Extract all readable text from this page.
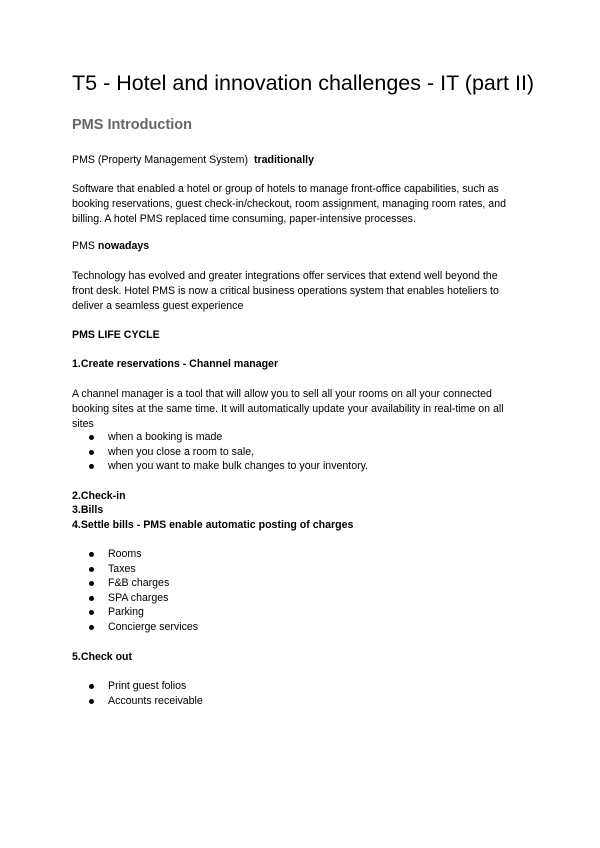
T5 - Hotel and innovation challenges - IT (part II)
PMS Introduction
PMS (Property Management System) traditionally
Software that enabled a hotel or group of hotels to manage front-office capabilities, such as
booking reservations, guest check-in/checkout, room assignment, managing room rates, and
billing. A hotel PMS replaced time consuming, paper-intensive processes.
PMS nowadays
Technology has evolved and greater integrations offer services that extend well beyond the
front desk. Hotel PMS is now a critical business operations system that enables hoteliers to
deliver a seamless guest experience
PMS LIFE CYCLE
1.Create reservations - Channel manager
A channel manager is a tool that will allow you to sell all your rooms on all your connected
booking sites at the same time. It will automatically update your availability in real-time on all
sites
when a booking is made
when you close a room to sale,
when you want to make bulk changes to your inventory.
2.Check-in
3.Bills
4.Settle bills - PMS enable automatic posting of charges
Rooms
Taxes
F&B charges
SPA charges
Parking
Concierge services
5.Check out
Print guest folios
Accounts receivable
